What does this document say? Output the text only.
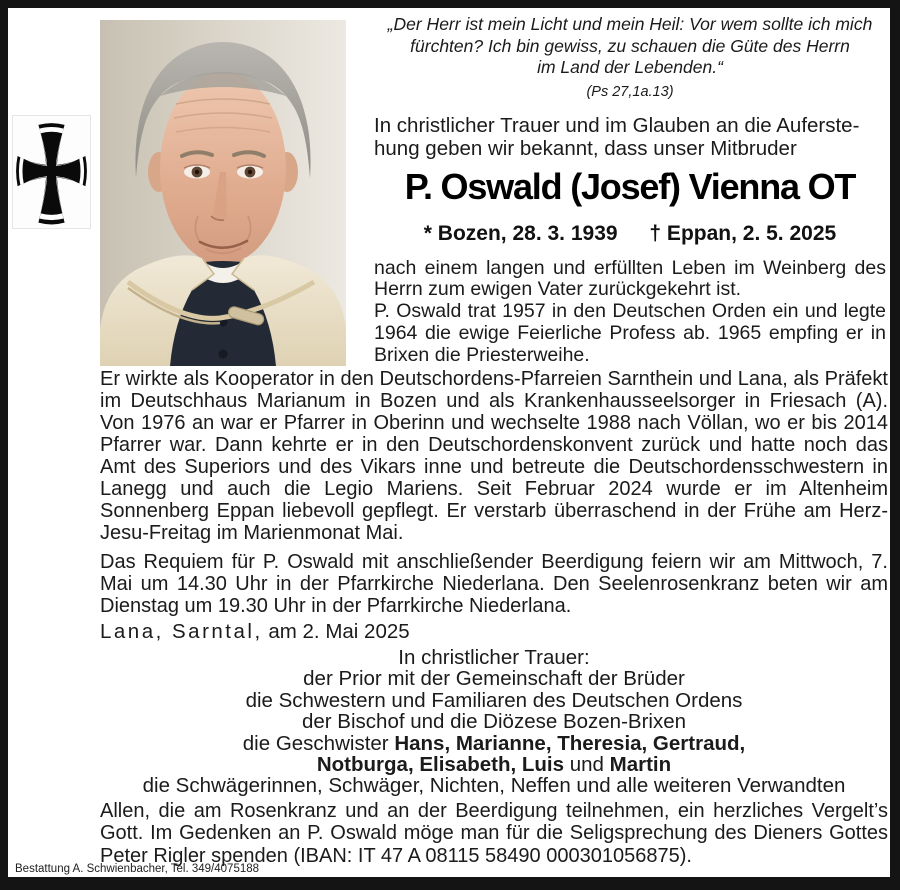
„Der Herr ist mein Licht und mein Heil: Vor wem sollte ich mich
fürchten? Ich bin gewiss, zu schauen die Güte des Herrn
im Land der Lebenden.“
(Ps 27,1a.13)
In christlicher Trauer und im Glauben an die Auferste-
hung geben wir bekannt, dass unser Mitbruder
P. Oswald (Josef) Vienna OT
* Bozen, 28. 3. 1939 † Eppan, 2. 5. 2025
nach einem langen und erfüllten Leben im Weinberg des Herrn zum ewigen Vater zurückgekehrt ist.
P. Oswald trat 1957 in den Deutschen Orden ein und legte 1964 die ewige Feierliche Profess ab. 1965 empfing er in Brixen die Priesterweihe.
Er wirkte als Kooperator in den Deutschordens-Pfarreien Sarnthein und Lana, als Präfekt im Deutschhaus Marianum in Bozen und als Krankenhausseelsorger in Friesach (A). Von 1976 an war er Pfarrer in Oberinn und wechselte 1988 nach Völlan, wo er bis 2014 Pfarrer war. Dann kehrte er in den Deutschordenskonvent zurück und hatte noch das Amt des Superiors und des Vikars inne und betreute die Deutschordensschwestern in Lanegg und auch die Legio Mariens. Seit Februar 2024 wurde er im Altenheim Sonnenberg Eppan liebevoll gepflegt. Er verstarb überraschend in der Frühe am Herz-Jesu-Freitag im Marienmonat Mai.
Das Requiem für P. Oswald mit anschließender Beerdigung feiern wir am Mittwoch, 7. Mai um 14.30 Uhr in der Pfarrkirche Niederlana. Den Seelenrosenkranz beten wir am Dienstag um 19.30 Uhr in der Pfarrkirche Niederlana.
Lana, Sarntal, am 2. Mai 2025
In christlicher Trauer:
der Prior mit der Gemeinschaft der Brüder
die Schwestern und Familiaren des Deutschen Ordens
der Bischof und die Diözese Bozen-Brixen
die Geschwister Hans, Marianne, Theresia, Gertraud,
Notburga, Elisabeth, Luis und Martin
die Schwägerinnen, Schwäger, Nichten, Neffen und alle weiteren Verwandten
Allen, die am Rosenkranz und an der Beerdigung teilnehmen, ein herzliches Vergelt’s Gott. Im Gedenken an P. Oswald möge man für die Seligsprechung des Dieners Gottes Peter Rigler spenden (IBAN: IT 47 A 08115 58490 000301056875).
Bestattung A. Schwienbacher, Tel. 349/4075188
